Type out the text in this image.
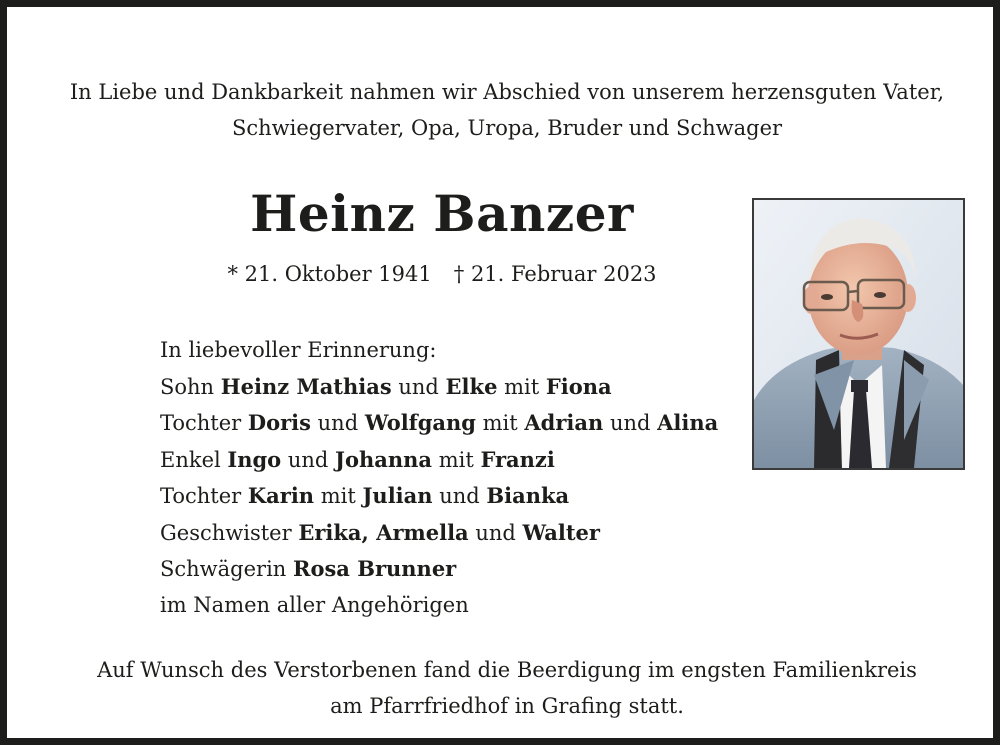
In Liebe und Dankbarkeit nahmen wir Abschied von unserem herzensguten Vater,
Schwiegervater, Opa, Uropa, Bruder und Schwager
Heinz Banzer
* 21. Oktober 1941 † 21. Februar 2023
In liebevoller Erinnerung:
Sohn Heinz Mathias und Elke mit Fiona
Tochter Doris und Wolfgang mit Adrian und Alina
Enkel Ingo und Johanna mit Franzi
Tochter Karin mit Julian und Bianka
Geschwister Erika, Armella und Walter
Schwägerin Rosa Brunner
im Namen aller Angehörigen
Auf Wunsch des Verstorbenen fand die Beerdigung im engsten Familienkreis
am Pfarrfriedhof in Grafing statt.
